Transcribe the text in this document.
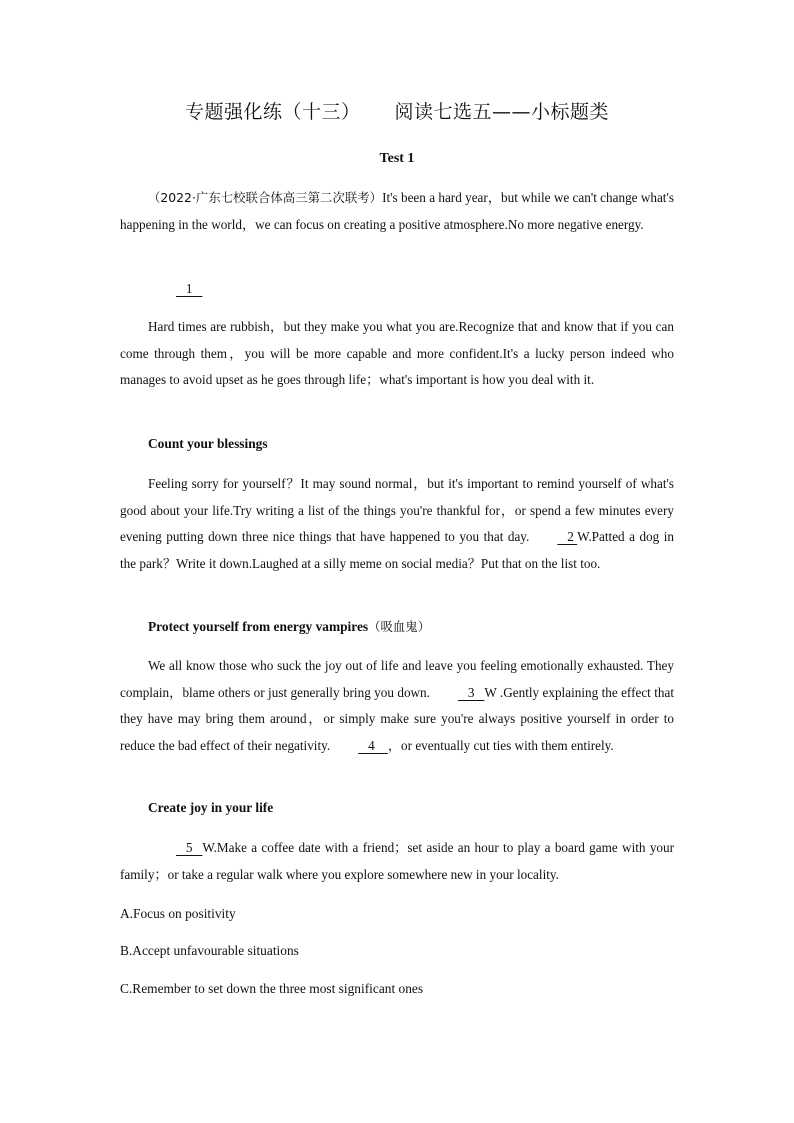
专题强化练（十三） 阅读七选五——小标题类
Test 1
（2022·广东七校联合体高三第二次联考）It's been a hard year，but while we can't change what's happening in the world，we can focus on creating a positive atmosphere.No more negative energy.
1
Hard times are rubbish，but they make you what you are.Recognize that and know that if you can come through them，you will be more capable and more confident.It's a lucky person indeed who manages to avoid upset as he goes through life；what's important is how you deal with it.
Count your blessings
Feeling sorry for yourself？It may sound normal，but it's important to remind yourself of what's good about your life.Try writing a list of the things you're thankful for，or spend a few minutes every evening putting down three nice things that have happened to you that day.   2 W.Patted a dog in the park？Write it down.Laughed at a silly meme on social media？Put that on the list too.
Protect yourself from energy vampires（吸血鬼）
We all know those who suck the joy out of life and leave you feeling emotionally exhausted. They complain，blame others or just generally bring you down.   3   W .Gently explaining the effect that they have may bring them around，or simply make sure you're always positive yourself in order to reduce the bad effect of their negativity.   4    ，or eventually cut ties with them entirely.
Create joy in your life
5   W.Make a coffee date with a friend；set aside an hour to play a board game with your family；or take a regular walk where you explore somewhere new in your locality.
A.Focus on positivity
B.Accept unfavourable situations
C.Remember to set down the three most significant ones
